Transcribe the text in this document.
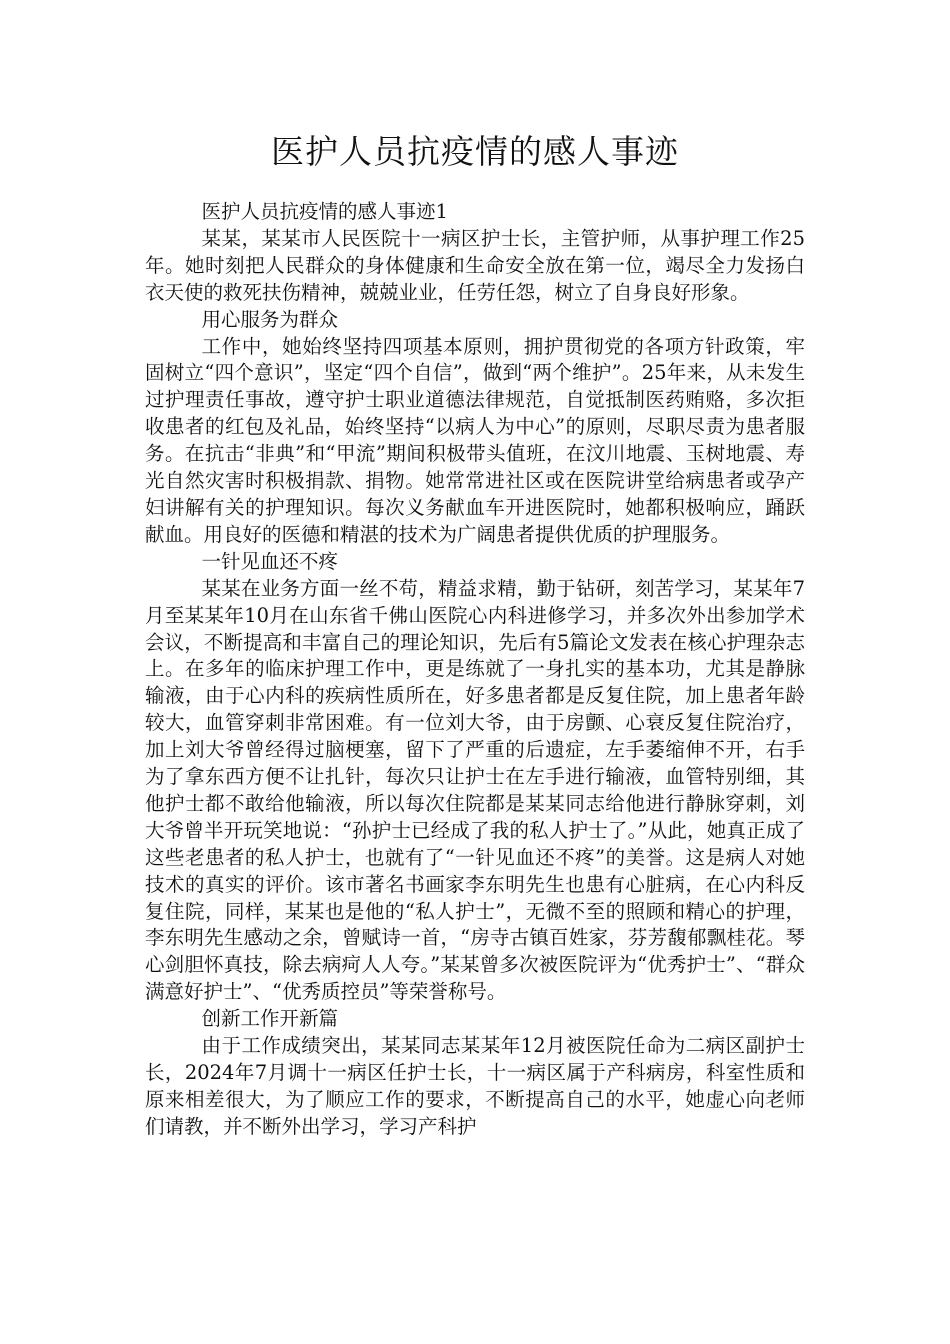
医护人员抗疫情的感人事迹

医护人员抗疫情的感人事迹1

某某，某某市人民医院十一病区护士长，主管护师，从事护理工作25年。她时刻把人民群众的身体健康和生命安全放在第一位，竭尽全力发扬白衣天使的救死扶伤精神，兢兢业业，任劳任怨，树立了自身良好形象。

用心服务为群众

工作中，她始终坚持四项基本原则，拥护贯彻党的各项方针政策，牢固树立“四个意识”，坚定“四个自信”，做到“两个维护”。25年来，从未发生过护理责任事故，遵守护士职业道德法律规范，自觉抵制医药贿赂，多次拒收患者的红包及礼品，始终坚持“以病人为中心”的原则，尽职尽责为患者服务。在抗击“非典”和“甲流”期间积极带头值班，在汶川地震、玉树地震、寿光自然灾害时积极捐款、捐物。她常常进社区或在医院讲堂给病患者或孕产妇讲解有关的护理知识。每次义务献血车开进医院时，她都积极响应，踊跃献血。用良好的医德和精湛的技术为广阔患者提供优质的护理服务。

一针见血还不疼

某某在业务方面一丝不苟，精益求精，勤于钻研，刻苦学习，某某年7月至某某年10月在山东省千佛山医院心内科进修学习，并多次外出参加学术会议，不断提高和丰富自己的理论知识，先后有5篇论文发表在核心护理杂志上。在多年的临床护理工作中，更是练就了一身扎实的基本功，尤其是静脉输液，由于心内科的疾病性质所在，好多患者都是反复住院，加上患者年龄较大，血管穿刺非常困难。有一位刘大爷，由于房颤、心衰反复住院治疗，加上刘大爷曾经得过脑梗塞，留下了严重的后遗症，左手萎缩伸不开，右手为了拿东西方便不让扎针，每次只让护士在左手进行输液，血管特别细，其他护士都不敢给他输液，所以每次住院都是某某同志给他进行静脉穿刺，刘大爷曾半开玩笑地说：“孙护士已经成了我的私人护士了。”从此，她真正成了这些老患者的私人护士，也就有了“一针见血还不疼”的美誉。这是病人对她技术的真实的评价。该市著名书画家李东明先生也患有心脏病，在心内科反复住院，同样，某某也是他的“私人护士”，无微不至的照顾和精心的护理，李东明先生感动之余，曾赋诗一首，“房寺古镇百姓家，芬芳馥郁飘桂花。琴心剑胆怀真技，除去病疴人人夸。”某某曾多次被医院评为“优秀护士”、“群众满意好护士”、“优秀质控员”等荣誉称号。

创新工作开新篇

由于工作成绩突出，某某同志某某年12月被医院任命为二病区副护士长，2024年7月调十一病区任护士长，十一病区属于产科病房，科室性质和原来相差很大，为了顺应工作的要求，不断提高自己的水平，她虚心向老师们请教，并不断外出学习，学习产科护
